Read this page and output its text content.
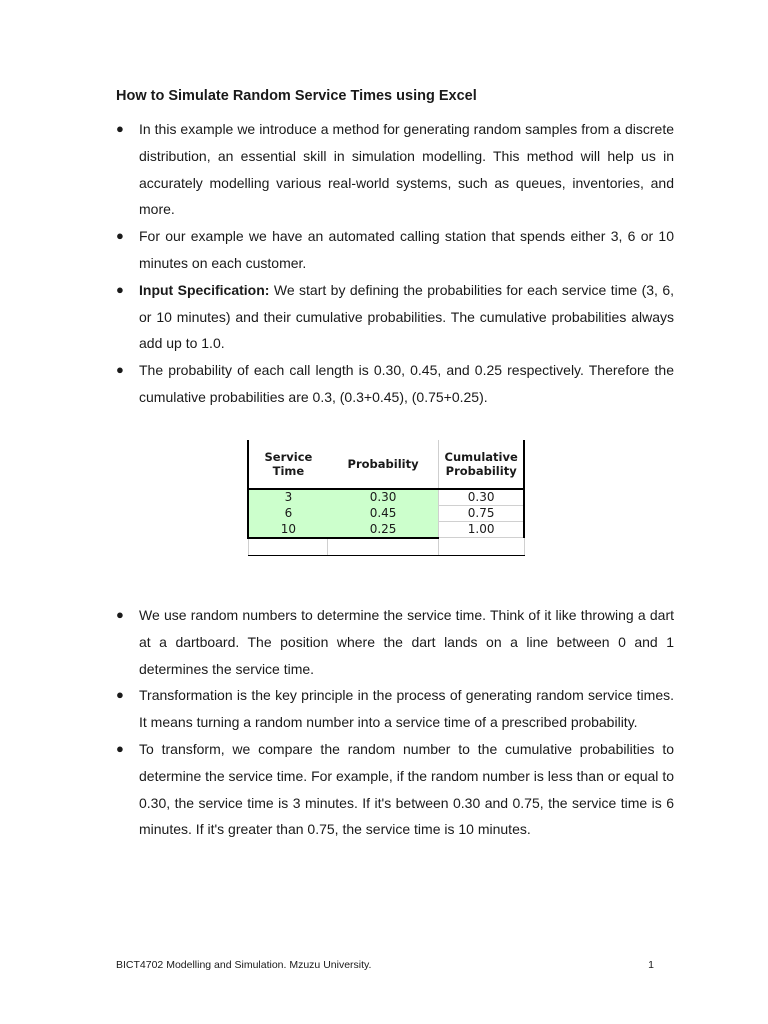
How to Simulate Random Service Times using Excel
● In this example we introduce a method for generating random samples from a discrete distribution, an essential skill in simulation modelling. This method will help us in accurately modelling various real-world systems, such as queues, inventories, and more.
● For our example we have an automated calling station that spends either 3, 6 or 10 minutes on each customer.
● Input Specification: We start by defining the probabilities for each service time (3, 6, or 10 minutes) and their cumulative probabilities. The cumulative probabilities always add up to 1.0.
● The probability of each call length is 0.30, 0.45, and 0.25 respectively. Therefore the cumulative probabilities are 0.3, (0.3+0.45), (0.75+0.25).
Service Time	Probability	Cumulative Probability
3	0.30	0.30
6	0.45	0.75
10	0.25	1.00

● We use random numbers to determine the service time. Think of it like throwing a dart at a dartboard. The position where the dart lands on a line between 0 and 1 determines the service time.
● Transformation is the key principle in the process of generating random service times. It means turning a random number into a service time of a prescribed probability.
● To transform, we compare the random number to the cumulative probabilities to determine the service time. For example, if the random number is less than or equal to 0.30, the service time is 3 minutes. If it's between 0.30 and 0.75, the service time is 6 minutes. If it's greater than 0.75, the service time is 10 minutes.
BICT4702 Modelling and Simulation. Mzuzu University.	1
